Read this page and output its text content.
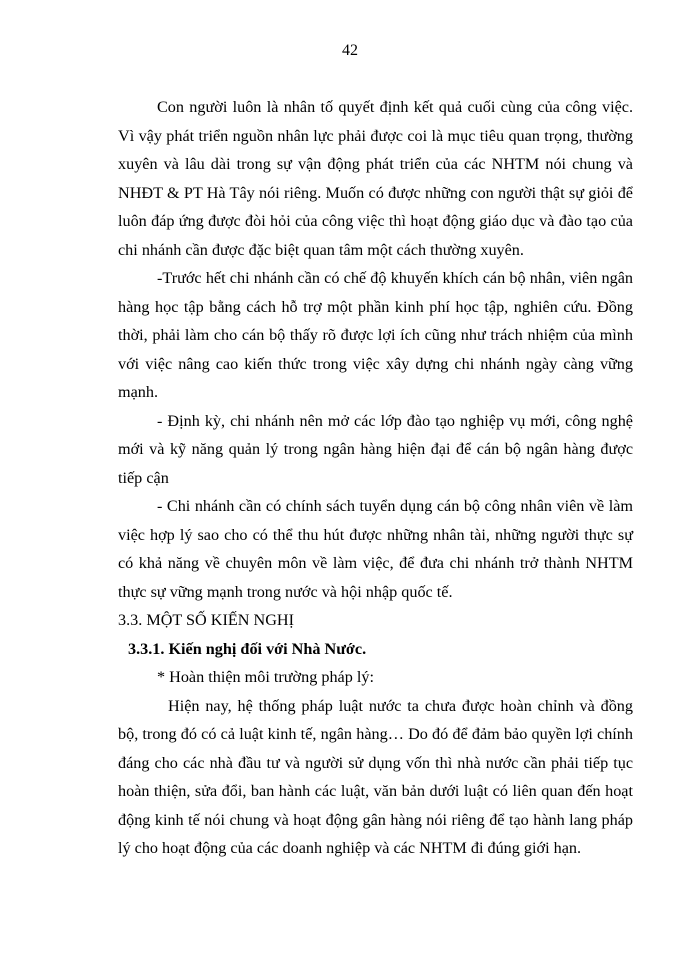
42

Con người luôn là nhân tố quyết định kết quả cuối cùng của công việc. Vì vậy phát triển nguồn nhân lực phải được coi là mục tiêu quan trọng, thường xuyên và lâu dài trong sự vận động phát triển của các NHTM nói chung và NHĐT & PT Hà Tây nói riêng. Muốn có được những con người thật sự giỏi để luôn đáp ứng được đòi hỏi của công việc thì hoạt động giáo dục và đào tạo của chi nhánh cần được đặc biệt quan tâm một cách thường xuyên.

-Trước hết chi nhánh cần có chế độ khuyến khích cán bộ nhân, viên ngân hàng học tập bằng cách hỗ trợ một phần kinh phí học tập, nghiên cứu. Đồng thời, phải làm cho cán bộ thấy rõ được lợi ích cũng như trách nhiệm của mình với việc nâng cao kiến thức trong việc xây dựng chi nhánh ngày càng vững mạnh.

- Định kỳ, chi nhánh nên mở các lớp đào tạo nghiệp vụ mới, công nghệ mới và kỹ năng quản lý trong ngân hàng hiện đại để cán bộ ngân hàng được tiếp cận

- Chi nhánh cần có chính sách tuyển dụng cán bộ công nhân viên về làm việc hợp lý sao cho có thể thu hút được những nhân tài, những người thực sự có khả năng về chuyên môn về làm việc, để đưa chi nhánh trở thành NHTM thực sự vững mạnh trong nước và hội nhập quốc tế.

3.3. MỘT SỐ KIẾN NGHỊ

3.3.1. Kiến nghị đối với Nhà Nước.

* Hoàn thiện môi trường pháp lý:

Hiện nay, hệ thống pháp luật nước ta chưa được hoàn chỉnh và đồng bộ, trong đó có cả luật kinh tế, ngân hàng… Do đó để đảm bảo quyền lợi chính đáng cho các nhà đầu tư và người sử dụng vốn thì nhà nước cần phải tiếp tục hoàn thiện, sửa đổi, ban hành các luật, văn bản dưới luật có liên quan đến hoạt động kinh tế nói chung và hoạt động gân hàng nói riêng để tạo hành lang pháp lý cho hoạt động của các doanh nghiệp và các NHTM đi đúng giới hạn.
